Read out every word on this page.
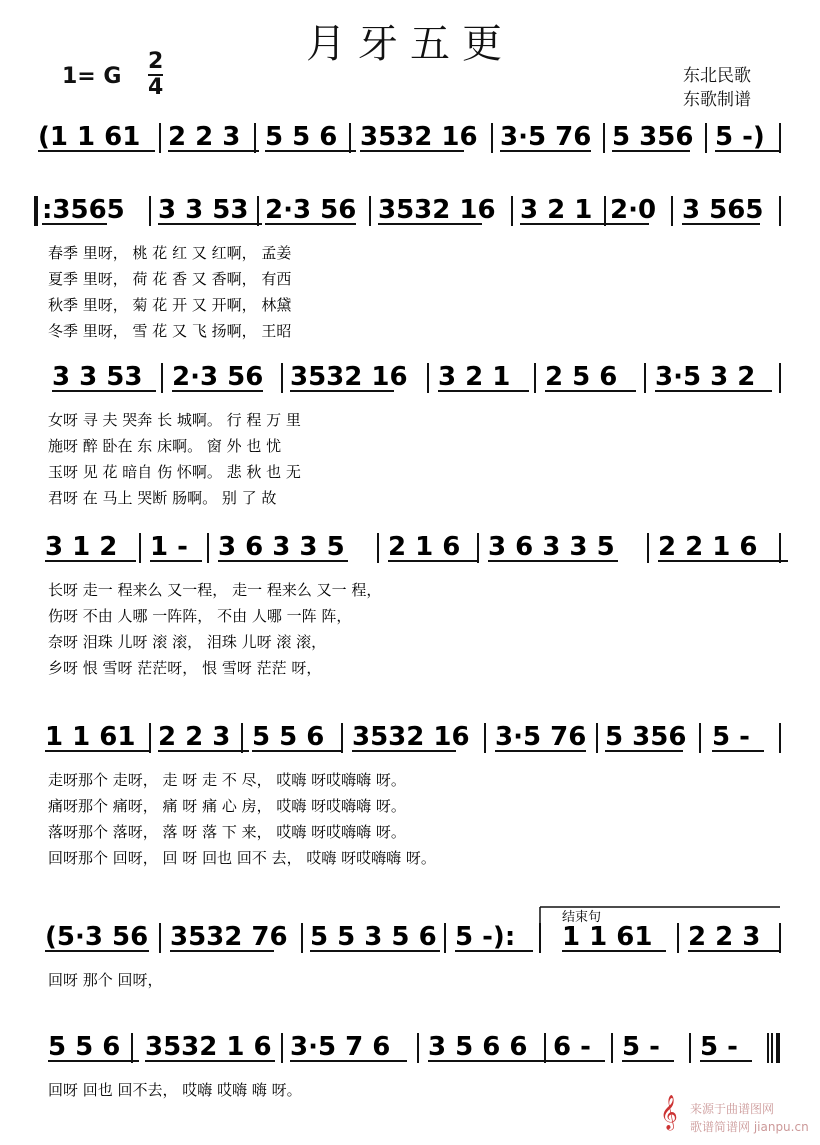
月牙五更
1= G $\frac{2}{4}$	东北民歌
东歌制谱
(1 1 61 2 2 3 5 5 6 3532 16 3·5 76 5 356 5 -)
:3565 3 3 53 2·3 56 3532 16 3 2 1 2·0 3 565
春季 里呀， 桃 花 红 又 红啊， 孟姜
夏季 里呀， 荷 花 香 又 香啊， 有西
秋季 里呀， 菊 花 开 又 开啊， 林黛
冬季 里呀， 雪 花 又 飞 扬啊， 王昭
3 3 53 2·3 56 3532 16 3 2 1 2 5 6 3·5 3 2
女呀 寻 夫 哭奔 长 城啊。 行 程 万 里
施呀 醉 卧在 东 床啊。 窗 外 也 忧
玉呀 见 花 暗自 伤 怀啊。 悲 秋 也 无
君呀 在 马上 哭断 肠啊。 别 了 故
3 1 2 1 - 3 6 3 3 5 2 1 6 3 6 3 3 5 2 2 1 6
长呀 走一 程来么 又一程， 走一 程来么 又一 程，
伤呀 不由 人哪 一阵阵， 不由 人哪 一阵 阵，
奈呀 泪珠 儿呀 滚 滚， 泪珠 儿呀 滚 滚，
乡呀 恨 雪呀 茫茫呀， 恨 雪呀 茫茫 呀，
1 1 61 2 2 3 5 5 6 3532 16 3·5 76 5 356 5 -
走呀那个 走呀， 走 呀 走 不 尽， 哎嗨 呀哎嗨嗨 呀。
痛呀那个 痛呀， 痛 呀 痛 心 房， 哎嗨 呀哎嗨嗨 呀。
落呀那个 落呀， 落 呀 落 下 来， 哎嗨 呀哎嗨嗨 呀。
回呀那个 回呀， 回 呀 回也 回不 去， 哎嗨 呀哎嗨嗨 呀。
(5·3 56 3532 76 5 5 3 5 6 5 -): 1 1 61 2 2 3
结束句
回呀 那个 回呀，
5 5 6 3532 1 6 3·5 7 6 3 5 6 6 6 - 5 - 5 -
回呀 回也 回不去， 哎嗨 哎嗨 嗨 呀。
𝄞	来源于曲谱图网
歌谱简谱网 jianpu.cn
